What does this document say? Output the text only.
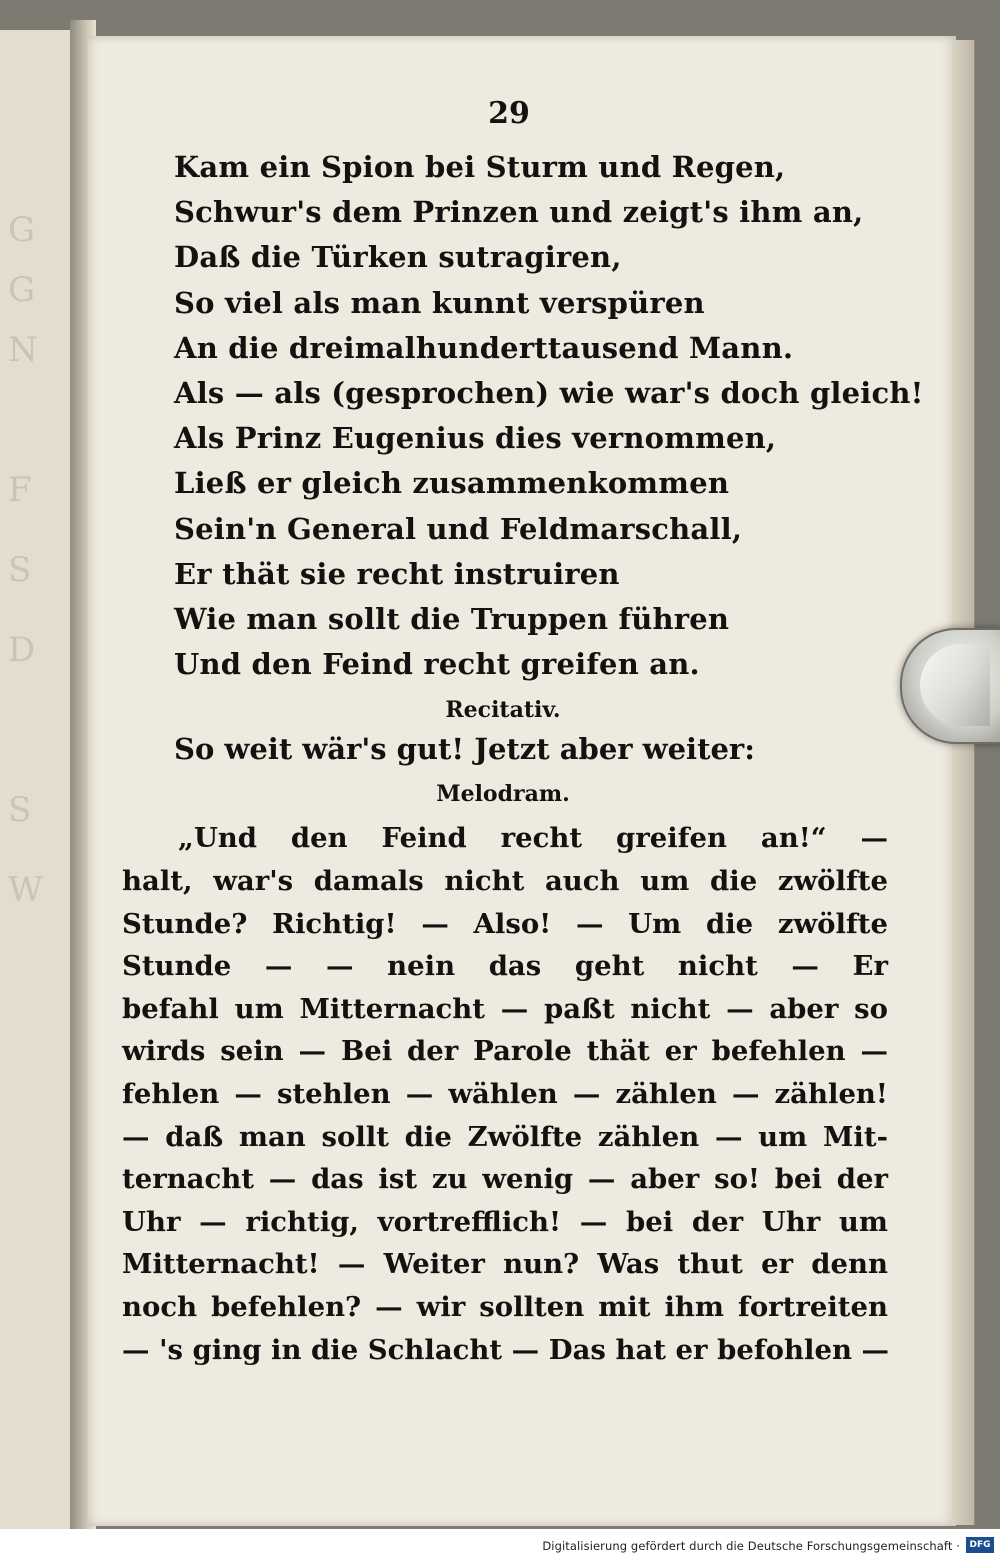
G
G
N
F
S
D
S
W
29

Kam ein Spion bei Sturm und Regen,

Schwur's dem Prinzen und zeigt's ihm an,

Daß die Türken sutragiren,

So viel als man kunnt verspüren

An die dreimalhunderttausend Mann.

Als — als (gesprochen) wie war's doch gleich!

Als Prinz Eugenius dies vernommen,

Ließ er gleich zusammenkommen

Sein'n General und Feldmarschall,

Er thät sie recht instruiren

Wie man sollt die Truppen führen

Und den Feind recht greifen an.

Recitativ.

So weit wär's gut! Jetzt aber weiter:

Melodram.
„Und den Feind recht greifen an!“ —
halt, war's damals nicht auch um die zwölfte
Stunde? Richtig! — Also! — Um die zwölfte
Stunde — — nein das geht nicht — Er
befahl um Mitternacht — paßt nicht — aber so
wirds sein — Bei der Parole thät er befehlen —
fehlen — stehlen — wählen — zählen — zählen!
— daß man sollt die Zwölfte zählen — um Mit-
ternacht — das ist zu wenig — aber so! bei der
Uhr — richtig, vortrefflich! — bei der Uhr um
Mitternacht! — Weiter nun? Was thut er denn
noch befehlen? — wir sollten mit ihm fortreiten
— 's ging in die Schlacht — Das hat er befohlen —
Digitalisierung gefördert durch die Deutsche Forschungsgemeinschaft ·	DFG
